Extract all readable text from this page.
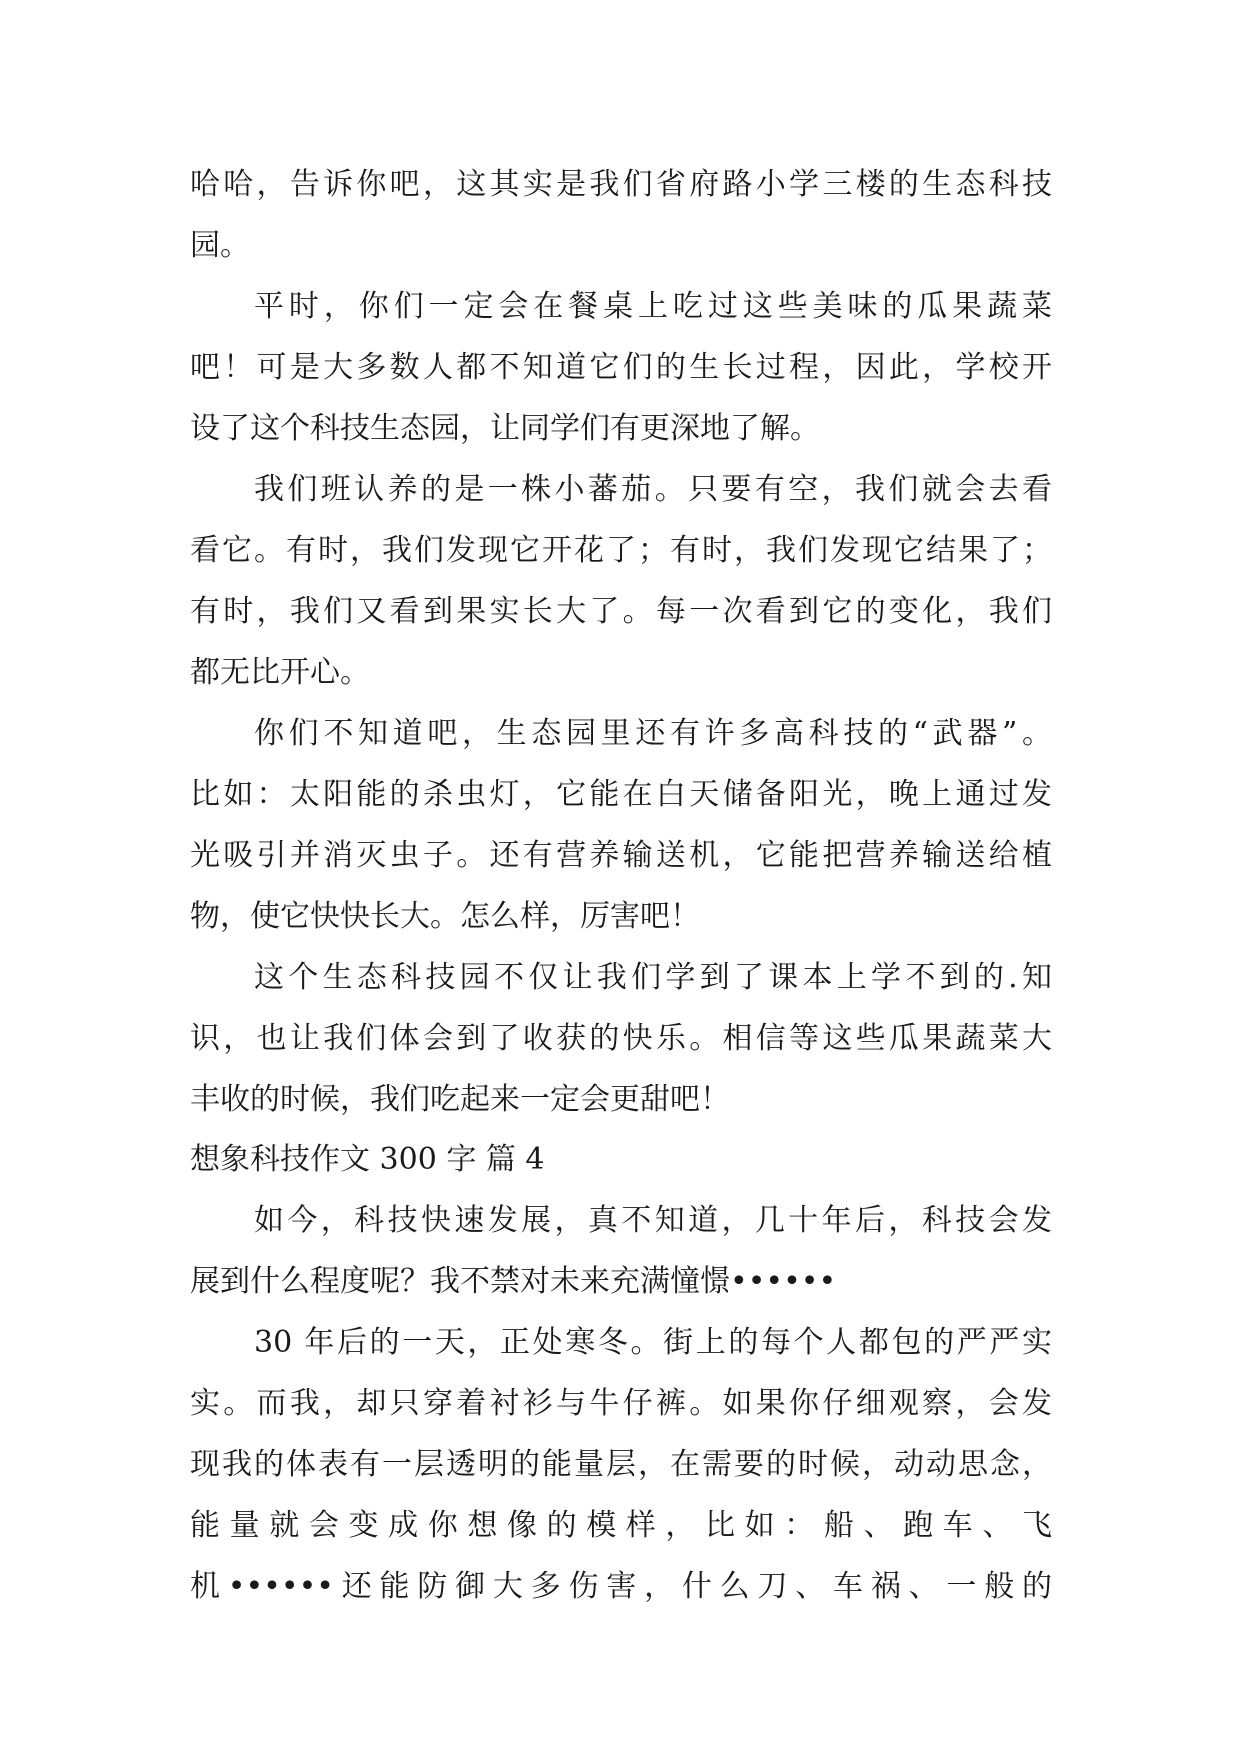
哈哈，告诉你吧，这其实是我们省府路小学三楼的生态科技
园。
平时，你们一定会在餐桌上吃过这些美味的瓜果蔬菜
吧！可是大多数人都不知道它们的生长过程，因此，学校开
设了这个科技生态园，让同学们有更深地了解。
我们班认养的是一株小蕃茄。只要有空，我们就会去看
看它。有时，我们发现它开花了；有时，我们发现它结果了；
有时，我们又看到果实长大了。每一次看到它的变化，我们
都无比开心。
你们不知道吧，生态园里还有许多高科技的“武器”。
比如：太阳能的杀虫灯，它能在白天储备阳光，晚上通过发
光吸引并消灭虫子。还有营养输送机，它能把营养输送给植
物，使它快快长大。怎么样，厉害吧！
这个生态科技园不仅让我们学到了课本上学不到的.知
识，也让我们体会到了收获的快乐。相信等这些瓜果蔬菜大
丰收的时候，我们吃起来一定会更甜吧！
想象科技作文 300 字 篇 4
如今，科技快速发展，真不知道，几十年后，科技会发
展到什么程度呢？我不禁对未来充满憧憬••••••
30 年后的一天，正处寒冬。街上的每个人都包的严严实
实。而我，却只穿着衬衫与牛仔裤。如果你仔细观察，会发
现我的体表有一层透明的能量层，在需要的时候，动动思念，
能量就会变成你想像的模样，比如：船、跑车、飞
机••••••还能防御大多伤害，什么刀、车祸、一般的
